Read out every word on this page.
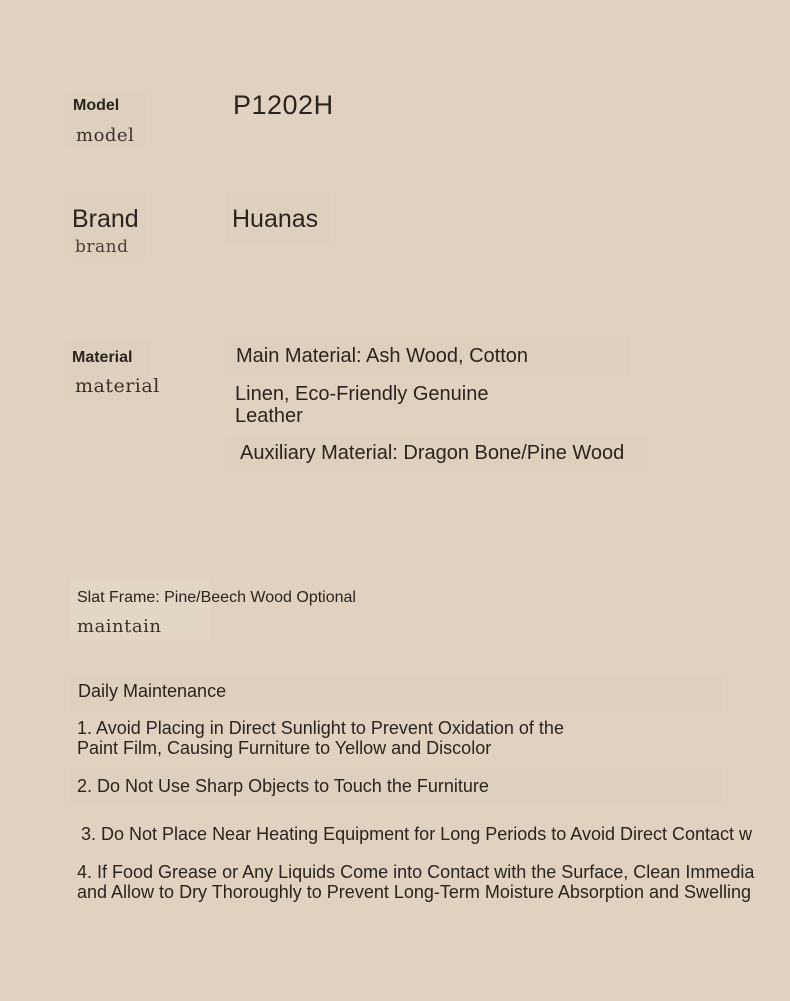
Model
model
P1202H
Brand
brand
Huanas
Material
material
Main Material: Ash Wood, Cotton
Linen, Eco-Friendly Genuine Leather
Auxiliary Material: Dragon Bone/Pine Wood
Slat Frame: Pine/Beech Wood Optional
maintain
Daily Maintenance
1. Avoid Placing in Direct Sunlight to Prevent Oxidation of the Paint Film, Causing Furniture to Yellow and Discolor
2. Do Not Use Sharp Objects to Touch the Furniture
3. Do Not Place Near Heating Equipment for Long Periods to Avoid Direct Contact w
4. If Food Grease or Any Liquids Come into Contact with the Surface, Clean Immedia
and Allow to Dry Thoroughly to Prevent Long-Term Moisture Absorption and Swelling
